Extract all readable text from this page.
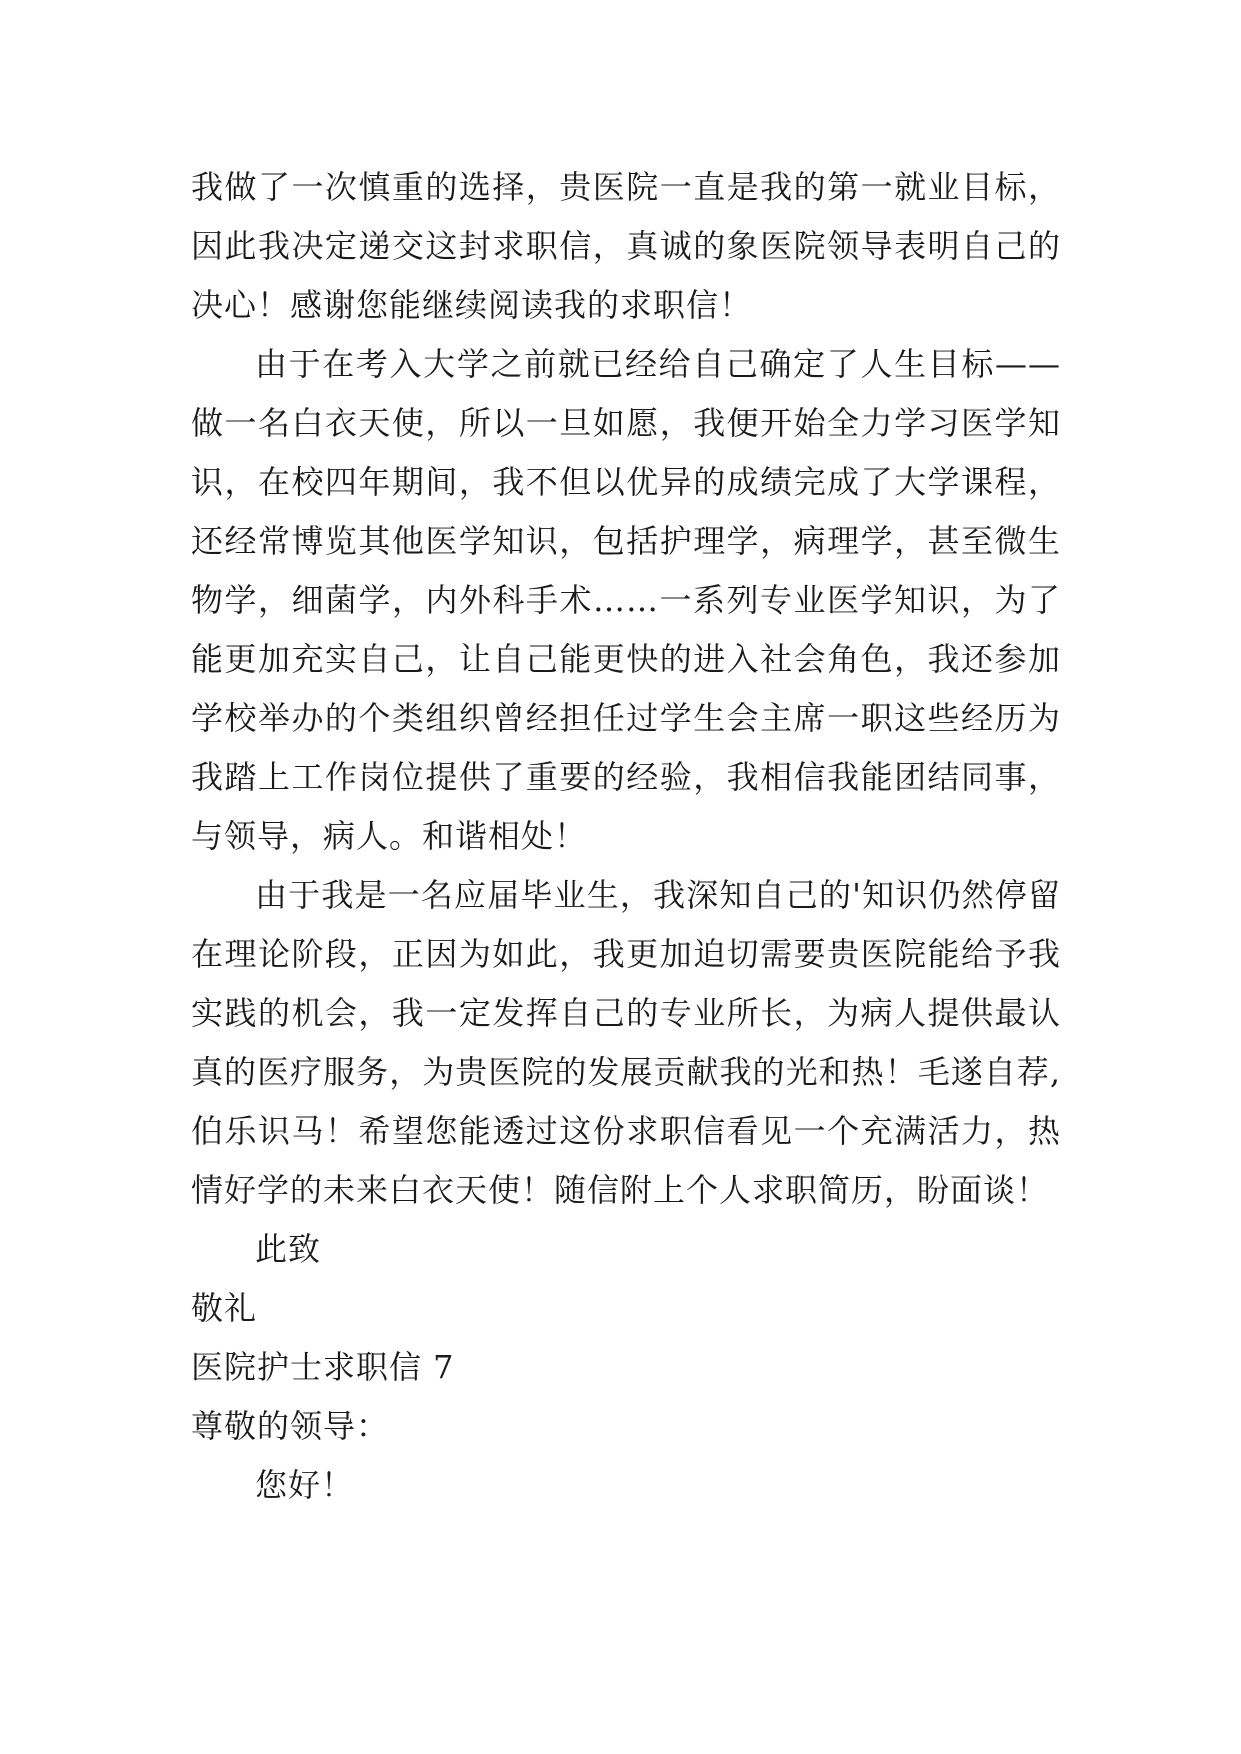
我做了一次慎重的选择，贵医院一直是我的第一就业目标，因此我决定递交这封求职信，真诚的象医院领导表明自己的决心！感谢您能继续阅读我的求职信！

由于在考入大学之前就已经给自己确定了人生目标——做一名白衣天使，所以一旦如愿，我便开始全力学习医学知识，在校四年期间，我不但以优异的成绩完成了大学课程，还经常博览其他医学知识，包括护理学，病理学，甚至微生物学，细菌学，内外科手术……一系列专业医学知识，为了能更加充实自己，让自己能更快的进入社会角色，我还参加学校举办的个类组织曾经担任过学生会主席一职这些经历为我踏上工作岗位提供了重要的经验，我相信我能团结同事，与领导，病人。和谐相处！

由于我是一名应届毕业生，我深知自己的'知识仍然停留在理论阶段，正因为如此，我更加迫切需要贵医院能给予我实践的机会，我一定发挥自己的专业所长，为病人提供最认真的医疗服务，为贵医院的发展贡献我的光和热！毛遂自荐,伯乐识马！希望您能透过这份求职信看见一个充满活力，热情好学的未来白衣天使！随信附上个人求职简历，盼面谈！

此致

敬礼

医院护士求职信 7

尊敬的领导：

您好！
